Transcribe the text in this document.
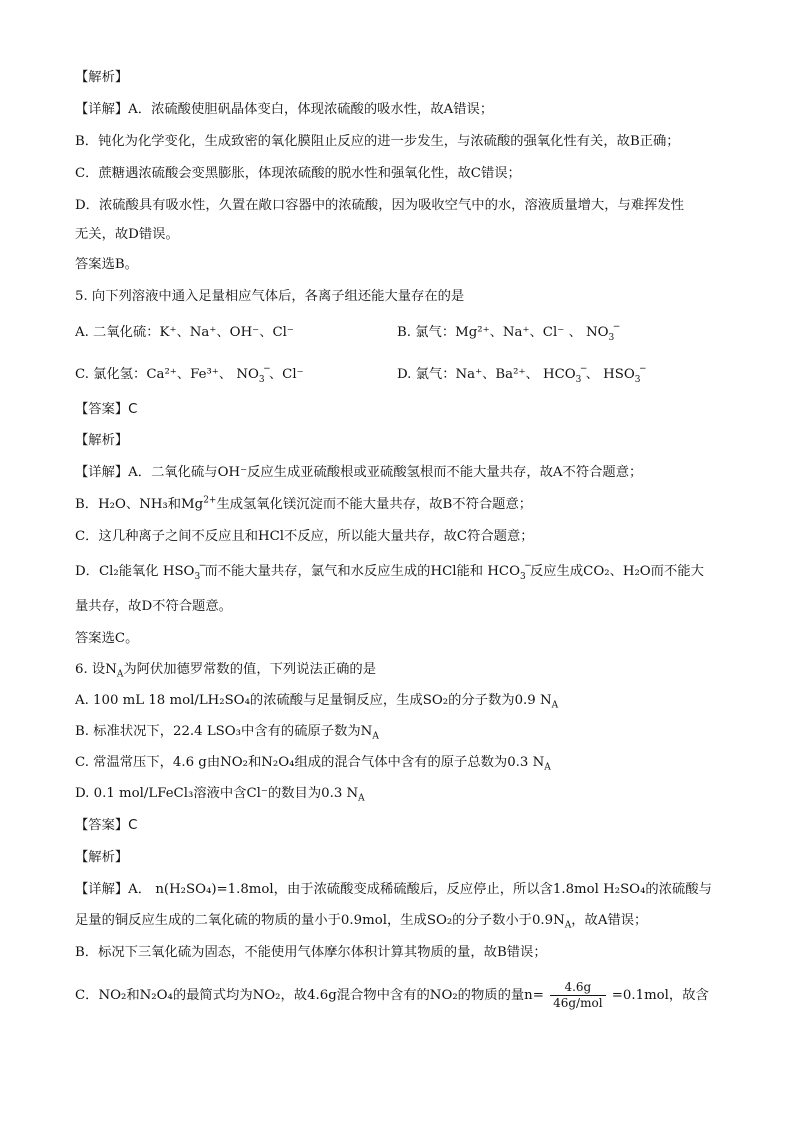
【解析】
【详解】A．浓硫酸使胆矾晶体变白，体现浓硫酸的吸水性，故A错误；
B．钝化为化学变化，生成致密的氧化膜阻止反应的进一步发生，与浓硫酸的强氧化性有关，故B正确；
C．蔗糖遇浓硫酸会变黑膨胀，体现浓硫酸的脱水性和强氧化性，故C错误；
D．浓硫酸具有吸水性，久置在敞口容器中的浓硫酸，因为吸收空气中的水，溶液质量增大，与难挥发性
无关，故D错误。
答案选B。
5. 向下列溶液中通入足量相应气体后，各离子组还能大量存在的是
A. 二氧化硫：K⁺、Na⁺、OH⁻、Cl⁻	B. 氯气：Mg²⁺、Na⁺、Cl⁻ 、 $NO_3$
−
C. 氯化氢：Ca²⁺、Fe³⁺、 $NO_3$
−
、Cl⁻	D. 氯气：Na⁺、Ba²⁺、 $HCO_3$
−
、 $HSO_3$
−
【答案】C
【解析】
【详解】A．二氧化硫与OH⁻反应生成亚硫酸根或亚硫酸氢根而不能大量共存，故A不符合题意；
B．H₂O、NH₃和$Mg^{2+}$生成氢氧化镁沉淀而不能大量共存，故B不符合题意；
C．这几种离子之间不反应且和HCl不反应，所以能大量共存，故C符合题意；
D．Cl₂能氧化 $HSO_3$
−
而不能大量共存，氯气和水反应生成的HCl能和 $HCO_3$
−
反应生成CO₂、H₂O而不能大
量共存，故D不符合题意。
答案选C。
6. 设$N_A$为阿伏加德罗常数的值，下列说法正确的是
A. 100 mL 18 mol/LH₂SO₄的浓硫酸与足量铜反应，生成SO₂的分子数为0.9 $N_A$
B. 标准状况下，22.4 LSO₃中含有的硫原子数为$N_A$
C. 常温常压下，4.6 g由NO₂和N₂O₄组成的混合气体中含有的原子总数为0.3 $N_A$
D. 0.1 mol/LFeCl₃溶液中含Cl⁻的数目为0.3 $N_A$
【答案】C
【解析】
【详解】A． n(H₂SO₄)=1.8mol，由于浓硫酸变成稀硫酸后，反应停止，所以含1.8mol H₂SO₄的浓硫酸与
足量的铜反应生成的二氧化硫的物质的量小于0.9mol，生成SO₂的分子数小于$0.9N_A$，故A错误；
B．标况下三氧化硫为固态，不能使用气体摩尔体积计算其物质的量，故B错误；
C．NO₂和N₂O₄的最简式均为NO₂，故4.6g混合物中含有的NO₂的物质的量$n= \frac{4.6g}{\text{46g/mol}} =0.1mol$，故含
